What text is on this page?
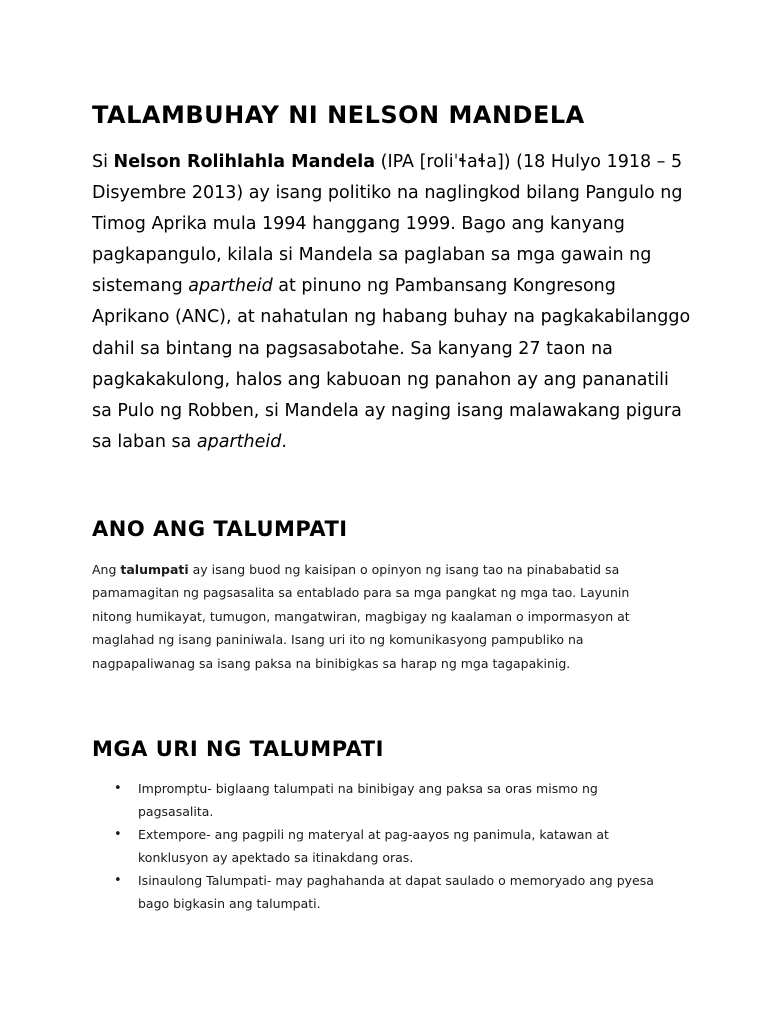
TALAMBUHAY NI NELSON MANDELA

Si Nelson Rolihlahla Mandela (IPA [roliˈɬaɬa]) (18 Hulyo 1918 – 5 Disyembre 2013) ay isang politiko na naglingkod bilang Pangulo ng Timog Aprika mula 1994 hanggang 1999. Bago ang kanyang pagkapangulo, kilala si Mandela sa paglaban sa mga gawain ng sistemang apartheid at pinuno ng Pambansang Kongresong Aprikano (ANC), at nahatulan ng habang buhay na pagkakabilanggo dahil sa bintang na pagsasabotahe. Sa kanyang 27 taon na pagkakakulong, halos ang kabuoan ng panahon ay ang pananatili sa Pulo ng Robben, si Mandela ay naging isang malawakang pigura sa laban sa apartheid.

ANO ANG TALUMPATI

Ang talumpati ay isang buod ng kaisipan o opinyon ng isang tao na pinababatid sa pamamagitan ng pagsasalita sa entablado para sa mga pangkat ng mga tao. Layunin nitong humikayat, tumugon, mangatwiran, magbigay ng kaalaman o impormasyon at maglahad ng isang paniniwala. Isang uri ito ng komunikasyong pampubliko na nagpapaliwanag sa isang paksa na binibigkas sa harap ng mga tagapakinig.

MGA URI NG TALUMPATI
• Impromptu- biglaang talumpati na binibigay ang paksa sa oras mismo ng pagsasalita.
• Extempore- ang pagpili ng materyal at pag-aayos ng panimula, katawan at konklusyon ay apektado sa itinakdang oras.
• Isinaulong Talumpati- may paghahanda at dapat saulado o memoryado ang pyesa bago bigkasin ang talumpati.
